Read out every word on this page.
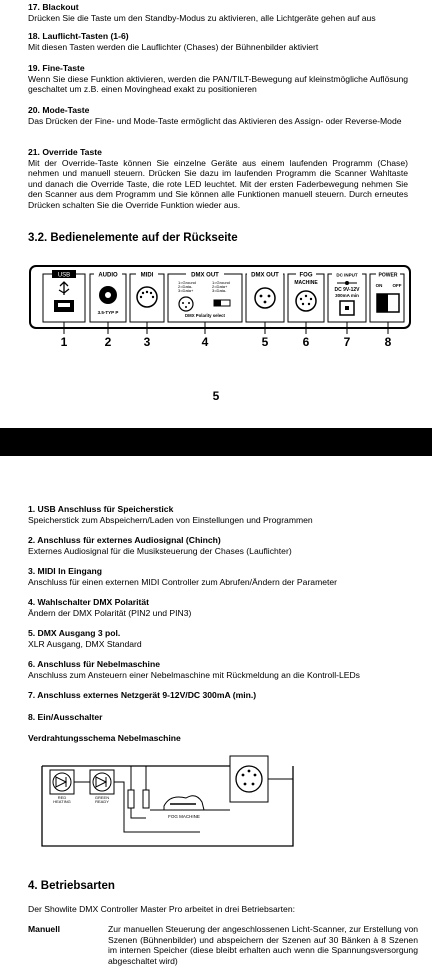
17. Blackout
Drücken Sie die Taste um den Standby-Modus zu aktivieren, alle Lichtgeräte gehen auf aus
18. Lauflicht-Tasten (1-6)
Mit diesen Tasten werden die Lauflichter (Chases) der Bühnenbilder aktiviert
19. Fine-Taste
Wenn Sie diese Funktion aktivieren, werden die PAN/TILT-Bewegung auf kleinstmögliche Auflösung geschaltet um z.B. einen Movinghead exakt zu positionieren
20. Mode-Taste
Das Drücken der Fine- und Mode-Taste ermöglicht das Aktivieren des Assign- oder Reverse-Mode
21. Override Taste
Mit der Override-Taste können Sie einzelne Geräte aus einem laufenden Programm (Chase) nehmen und manuell steuern. Drücken Sie dazu im laufenden Programm die Scanner Wahltaste und danach die Override Taste, die rote LED leuchtet. Mit der ersten Faderbewegung nehmen Sie den Scanner aus dem Programm und Sie können alle Funktionen manuell steuern. Durch erneutes Drücken schalten Sie die Override Funktion wieder aus.
3.2. Bedienelemente auf der Rückseite
USB	AUDIO
3.5-TYP P
MIDI	DMX OUT
1=Ground
2=Data-
3=Data+
1=Ground
2=Data+
3=Data-
DMX Polarity select
DMX OUT	FOG
MACHINE
DC INPUT
DC 9V-12V
300mA min
POWER
ON OFF
1	2	3	4	5	6	7	8
5
1. USB Anschluss für Speicherstick
Speicherstick zum Abspeichern/Laden von Einstellungen und Programmen
2. Anschluss für externes Audiosignal (Chinch)
Externes Audiosignal für die Musiksteuerung der Chases (Lauflichter)
3. MIDI In Eingang
Anschluss für einen externen MIDI Controller zum Abrufen/Ändern der Parameter
4. Wahlschalter DMX Polarität
Ändern der DMX Polarität (PIN2 und PIN3)
5. DMX Ausgang 3 pol.
XLR Ausgang, DMX Standard
6. Anschluss für Nebelmaschine
Anschluss zum Ansteuern einer Nebelmaschine mit Rückmeldung an die Kontroll-LEDs
7. Anschluss externes Netzgerät 9-12V/DC 300mA (min.)
8. Ein/Ausschalter
Verdrahtungsschema Nebelmaschine
RED
HEATING
GREEN
READY
FOG MACHINE
4. Betriebsarten
Der Showlite DMX Controller Master Pro arbeitet in drei Betriebsarten:
Manuell	Zur manuellen Steuerung der angeschlossenen Licht-Scanner, zur Erstellung von Szenen (Bühnenbilder) und abspeichern der Szenen auf 30 Bänken à 8 Szenen im internen Speicher (diese bleibt erhalten auch wenn die Spannungsversorgung abgeschaltet wird)
